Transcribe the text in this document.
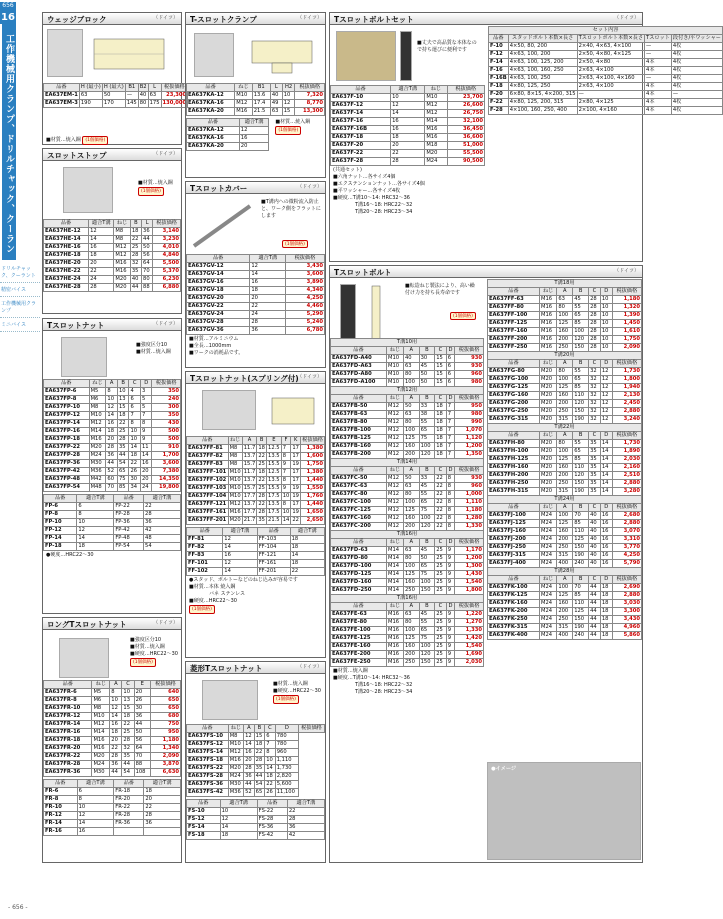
656
16
工作機械用クランプ、ドリルチャック、クーラン
ドリルチャック、クーラント
精密バイス
工作機械用クランプ
ミニバイス
- 656 -
ウェッジブロック	（ドイツ）
品番	H (最小)	H (最大)	B1	B2	L	税抜価格
EA637EM-1	63	50	—	40	63	23,300
EA637EM-3	190	170	145	80	175	130,000
■材質…焼入鋼 (1個価格)
スロットストップ	（ドイツ）
■材質…焼入鋼
(1個価格)
品番	適合T溝	ねじ	B	L	税抜価格
EA637HE-12	12	M8	18	36	3,140
EA637HE-14	14	M8	22	44	3,230
EA637HE-16	16	M12	25	50	4,010
EA637HE-18	18	M12	28	56	4,840
EA637HE-20	20	M16	32	64	5,500
EA637HE-22	22	M16	35	70	5,370
EA637HE-24	24	M20	40	80	6,230
EA637HE-28	28	M20	44	88	6,880
Tスロットナット	（ドイツ）
■強度区分10
■材質…焼入鋼
品番	ねじ	A	B	C	D	税抜価格
EA637FP-6	M5	8	10	4	3	350
EA637FP-8	M6	10	13	6	5	240
EA637FP-10	M8	12	15	6	5	300
EA637FP-12	M10	14	18	7	7	350
EA637FP-14	M12	16	22	8	8	430
EA637FP-16	M14	18	25	10	9	500
EA637FP-18	M16	20	28	10	9	500
EA637FP-22	M20	28	35	14	11	910
EA637FP-28	M24	36	44	18	14	1,700
EA637FP-36	M30	44	54	22	16	3,600
EA637FP-42	M36	52	65	26	20	7,380
EA637FP-48	M42	60	75	30	20	14,350
EA637FP-54	M48	70	85	34	24	19,800
品番	適合T溝	品番	適合T溝
FP-6	6	FP-22	22
FP-8	8	FP-28	28
FP-10	10	FP-36	36
FP-12	12	FP-42	42
FP-14	14	FP-48	48
FP-18	18	FP-54	54
●硬度…HRC22～30
ロングTスロットナット	（ドイツ）
■強度区分10
■材質…焼入鋼
■硬度…HRC22～30
(1個価格)
品番	ねじ	A	C	E	税抜価格
EA637FR-6	M5	8	10	20	640
EA637FR-8	M6	10	13	26	650
EA637FR-10	M8	12	15	30	650
EA637FR-12	M10	14	18	36	680
EA637FR-14	M12	16	22	44	750
EA637FR-16	M14	18	25	50	950
EA637FR-18	M16	20	28	56	1,180
EA637FR-20	M16	22	32	64	1,340
EA637FR-22	M20	28	35	70	2,090
EA637FR-28	M24	36	44	88	3,870
EA637FR-36	M30	44	54	108	6,630
品番	適合T溝	品番	適合T溝
FR-6	6	FR-18	18
FR-8	8	FR-20	20
FR-10	10	FR-22	22
FR-12	12	FR-28	28
FR-14	14	FR-36	36
FR-16	16		
T-スロットクランプ	（ドイツ）
品番	ねじ	B1	L	H2	税抜価格
EA637KA-12	M10	13.6	40	10	7,320
EA637KA-16	M12	17.4	49	12	8,770
EA637KA-20	M16	21.5	63	15	13,300
品番	適合T溝
EA637KA-12	12
EA637KA-16	16
EA637KA-20	20
■材質…焼入鋼
(1個価格)
Tスロットカバー	（ドイツ）
■T溝内への微粉流入防止と、ワーク側をフラットにします
(1個価格)
品番	適合T溝	税抜価格
EA637GV-12	12	3,430
EA637GV-14	14	3,600
EA637GV-16	16	3,890
EA637GV-18	18	4,340
EA637GV-20	20	4,250
EA637GV-22	22	4,460
EA637GV-24	24	5,290
EA637GV-28	28	5,240
EA637GV-36	36	6,780
■材質…アルミニウム
■全長…1000mm
■ワークの消耗品です。
Tスロットナット(スプリング付)
（ドイツ）
品番	ねじ	A	B	E	F	K	税抜価格
EA637FF-81	M8	11.7	18	12.5	7	17	1,380
EA637FF-82	M8	13.7	22	13.5	8	17	1,600
EA637FF-83	M8	15.7	25	15.5	9	19	1,750
EA637FF-101	M10	11.7	18	12.5	7	17	1,380
EA637FF-102	M10	13.7	22	13.5	8	17	1,440
EA637FF-103	M10	15.7	25	15.5	9	19	1,550
EA637FF-104	M10	17.7	28	17.5	10	19	1,760
EA637FF-121	M12	13.7	22	13.5	8	17	1,440
EA637FF-161	M16	17.7	28	17.5	10	19	1,650
EA637FF-201	M20	21.7	35	21.5	14	22	2,650
品番	適合T溝	品番	適合T溝
FF-81	12	FF-103	18
FF-82	14	FF-104	18
FF-83	16	FF-121	14
FF-101	12	FF-161	18
FF-102	14	FF-201	22
●スタッド、ボルトーなどのねじ込みが容易です
■材質…本体 焼入鋼
バネ ステンレス
■硬度…HRC22～30
(1個価格)
菱形Tスロットナット	（ドイツ）
■材質…焼入鋼
■硬度…HRC22～30
(1個価格)
品番	ねじ	A	B	C	D	税抜価格
EA637FS-10	M8	12	15	6	780	
EA637FS-12	M10	14	18	7	780	
EA637FS-14	M12	16	22	8	960	
EA637FS-18	M16	20	28	10	1,110	
EA637FS-22	M20	28	35	14	1,730	
EA637FS-28	M24	36	44	18	2,820	
EA637FS-36	M30	44	54	22	5,600	
EA637FS-42	M36	52	65	26	11,100	
品番	適合T溝	品番	適合T溝
FS-10	10	FS-22	22
FS-12	12	FS-28	28
FS-14	14	FS-36	36
FS-18	18	FS-42	42
Tスロットボルトセット	（ドイツ）
■丈夫で高品質な本体なので持ち運びに便利です
品番	適合T溝	ねじ	税抜価格
EA637F-10	10	M10	23,700
EA637F-12	12	M12	26,600
EA637F-14	14	M12	26,750
EA637F-16	16	M14	32,100
EA637F-16B	16	M16	36,450
EA637F-18	18	M16	36,600
EA637F-20	20	M18	51,000
EA637F-22	22	M20	55,500
EA637F-28	28	M24	90,500
(共通セット)
■六角ナット…各サイズ4個
■エクステンションナット…各サイズ4個
■平ワッシャー…各サイズ4枚
■硬度…T溝10～14: HRC32～36
T溝16～18: HRC22～32
T溝20～28: HRC23～34
セット内容				
品番	スタッドボルト本数×長さ	Tスロットボルト本数×長さ	Tスロット	段付き/平ワッシャー
F-10	4×50, 80, 200	2×40, 4×63, 4×100	—	4枚
F-12	4×63, 100, 200	2×50, 4×80, 4×125	—	4枚
F-14	4×63, 100, 125, 200	2×50, 4×80	4本	4枚
F-16	4×63, 100, 160, 250	2×63, 4×100	4本	4枚
F-16B	4×63, 100, 250	2×63, 4×100, 4×160	—	4枚
F-18	4×80, 125, 250	2×63, 4×100	4本	4枚
F-20	6×80, 8×15, 4×200, 315	—	4本	—
F-22	4×80, 125, 200, 315	2×80, 4×125	4本	4枚
F-28	4×100, 160, 250, 400	2×100, 4×160	4本	4枚
Tスロットボルト	（ドイツ）
■転造ねじ製法により、高い繰付け力を持ち長寿命です
(1個価格)
T溝10用						
品番	ねじ	A	B	C	D	税抜価格
EA637FD-A40	M10	40	30	15	6	930
EA637FD-A63	M10	63	45	15	6	930
EA637FD-A80	M10	80	50	15	6	960
EA637FD-A100	M10	100	50	15	6	980
T溝12用						
品番	ねじ	A	B	C	D	税抜価格
EA637FB-50	M12	50	33	18	7	950
EA637FB-63	M12	63	38	18	7	980
EA637FB-80	M12	80	55	18	7	990
EA637FB-100	M12	100	65	18	7	1,070
EA637FB-125	M12	125	75	18	7	1,120
EA637FB-160	M12	160	100	18	7	1,200
EA637FB-200	M12	200	120	18	7	1,350
T溝14用						
品番	ねじ	A	B	C	D	税抜価格
EA637FC-50	M12	50	33	22	8	930
EA637FC-63	M12	63	45	22	8	960
EA637FC-80	M12	80	55	22	8	1,000
EA637FC-100	M12	100	65	22	8	1,110
EA637FC-125	M12	125	75	22	8	1,180
EA637FC-160	M12	160	100	22	8	1,280
EA637FC-200	M12	200	120	22	8	1,330
T溝16用						
品番	ねじ	A	B	C	D	税抜価格
EA637FD-63	M14	63	45	25	9	1,170
EA637FD-80	M14	80	50	25	9	1,200
EA637FD-100	M14	100	65	25	9	1,300
EA637FD-125	M14	125	75	25	9	1,430
EA637FD-160	M14	160	100	25	9	1,540
EA637FD-250	M14	250	150	25	9	1,800
T溝16用						
品番	ねじ	A	B	C	D	税抜価格
EA637FE-63	M16	63	45	25	9	1,220
EA637FE-80	M16	80	55	25	9	1,270
EA637FE-100	M16	100	65	25	9	1,330
EA637FE-125	M16	125	75	25	9	1,420
EA637FE-160	M16	160	100	25	9	1,540
EA637FE-200	M16	200	120	25	9	1,690
EA637FE-250	M16	250	150	25	9	2,030
■材質…焼入鋼
■硬度…T溝10～14: HRC32～36
T溝16～18: HRC22～32
T溝20～28: HRC23～34
T溝18用						
品番	ねじ	A	B	C	D	税抜価格
EA637FF-63	M16	63	45	28	10	1,180
EA637FF-80	M16	80	55	28	10	1,320
EA637FF-100	M16	100	65	28	10	1,390
EA637FF-125	M16	125	85	28	10	1,450
EA637FF-160	M16	160	100	28	10	1,610
EA637FF-200	M16	200	120	28	10	1,750
EA637FF-250	M16	250	150	28	10	2,090
T溝20用						
品番	ねじ	A	B	C	D	税抜価格
EA637FG-80	M20	80	55	32	12	1,730
EA637FG-100	M20	100	65	32	12	1,800
EA637FG-125	M20	125	85	32	12	1,940
EA637FG-160	M20	160	110	32	12	2,130
EA637FG-200	M20	200	120	32	12	2,450
EA637FG-250	M20	250	150	32	12	2,880
EA637FG-315	M20	315	190	32	12	3,240
T溝22用						
品番	ねじ	A	B	C	D	税抜価格
EA637FH-80	M20	80	55	35	14	1,730
EA637FH-100	M20	100	65	35	14	1,890
EA637FH-125	M20	125	85	35	14	2,030
EA637FH-160	M20	160	110	35	14	2,160
EA637FH-200	M20	200	120	35	14	2,510
EA637FH-250	M20	250	150	35	14	2,880
EA637FH-315	M20	315	190	35	14	3,280
T溝24用						
品番	ねじ	A	B	C	D	税抜価格
EA637FJ-100	M24	100	70	40	16	2,680
EA637FJ-125	M24	125	85	40	16	2,880
EA637FJ-160	M24	160	110	40	16	3,070
EA637FJ-200	M24	200	125	40	16	3,310
EA637FJ-250	M24	250	150	40	16	3,770
EA637FJ-315	M24	315	190	40	16	4,250
EA637FJ-400	M24	400	240	40	16	5,790
T溝28用						
品番	ねじ	A	B	C	D	税抜価格
EA637FK-100	M24	100	70	44	18	2,690
EA637FK-125	M24	125	85	44	18	2,880
EA637FK-160	M24	160	110	44	18	3,030
EA637FK-200	M24	200	125	44	18	3,300
EA637FK-250	M24	250	150	44	18	3,430
EA637FK-315	M24	315	190	44	18	4,960
EA637FK-400	M24	400	240	44	18	5,860
●イメージ
